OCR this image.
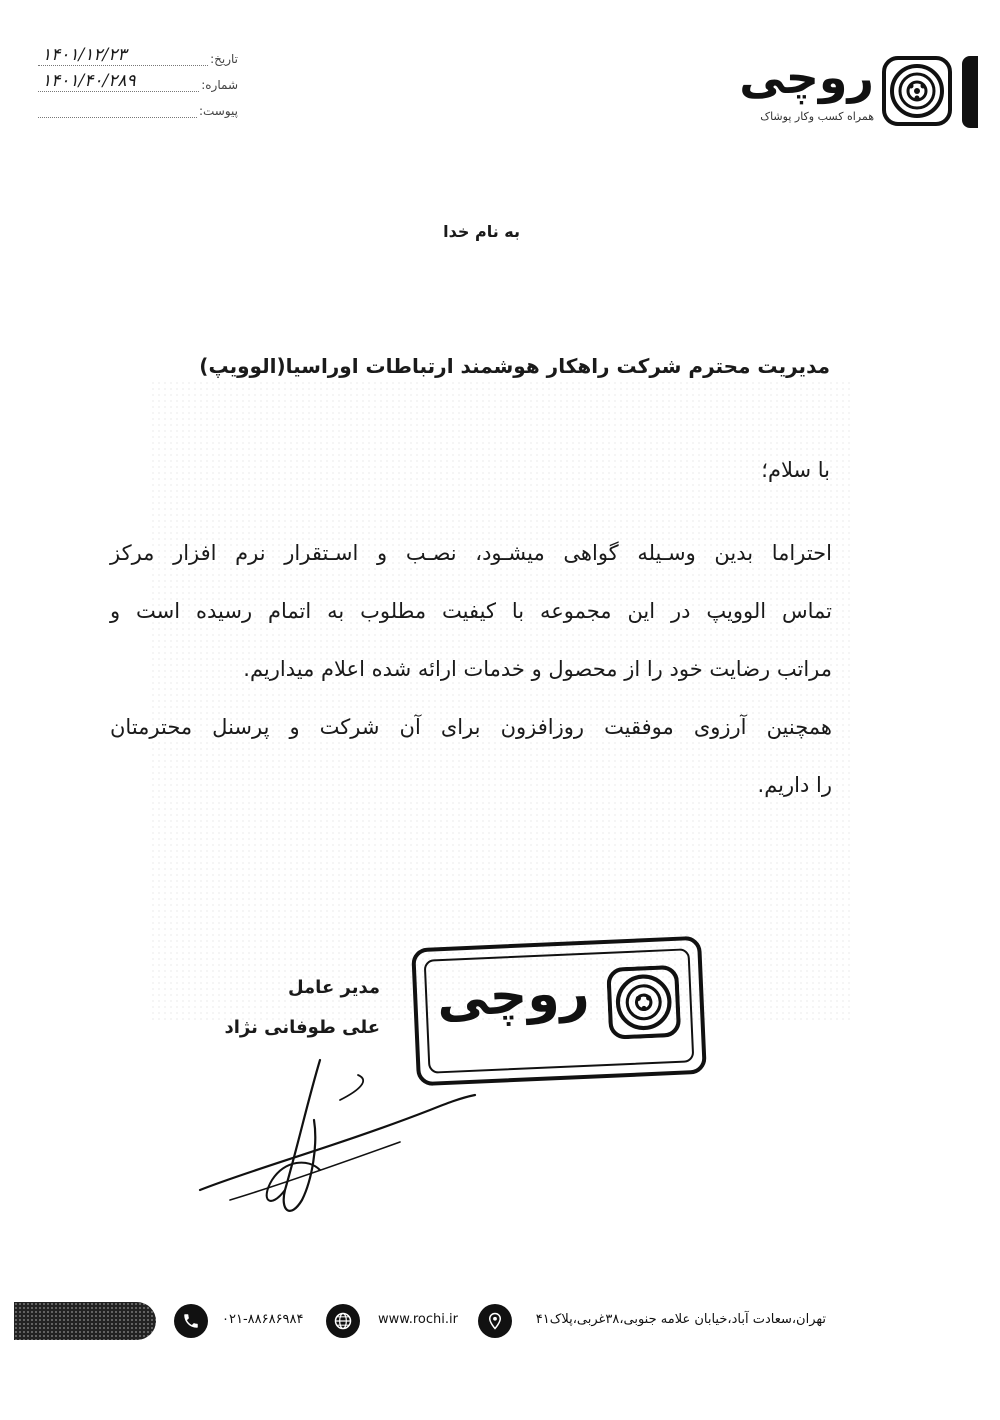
تاریخ:
۱۴۰۱/۱۲/۲۳
شماره:
۱۴۰۱/۴۰/۲۸۹
پیوست:
روچی
همراه کسب وکار پوشاک
به نام خدا
مدیریت محترم شرکت راهکار هوشمند ارتباطات اوراسیا(الوویپ)
با سلام؛

احتراما بدین وسـیله گواهی میشـود، نصـب و اسـتقرار نرم افزار مرکز

تماس الوویپ در این مجموعه با کیفیت مطلوب به اتمام رسیده است و

مراتب رضایت خود را از محصول و خدمات ارائه شده اعلام میداریم.

همچنین آرزوی موفقیت روزافزون برای آن شرکت و پرسنل محترمتان

را داریم.

مدیر عامل
علی طوفانی نژاد روچی
۰۲۱-۸۸۶۸۶۹۸۴	www.rochi.ir	تهران،سعادت آباد،خیابان علامه جنوبی،۳۸غربی،پلاک۴۱
